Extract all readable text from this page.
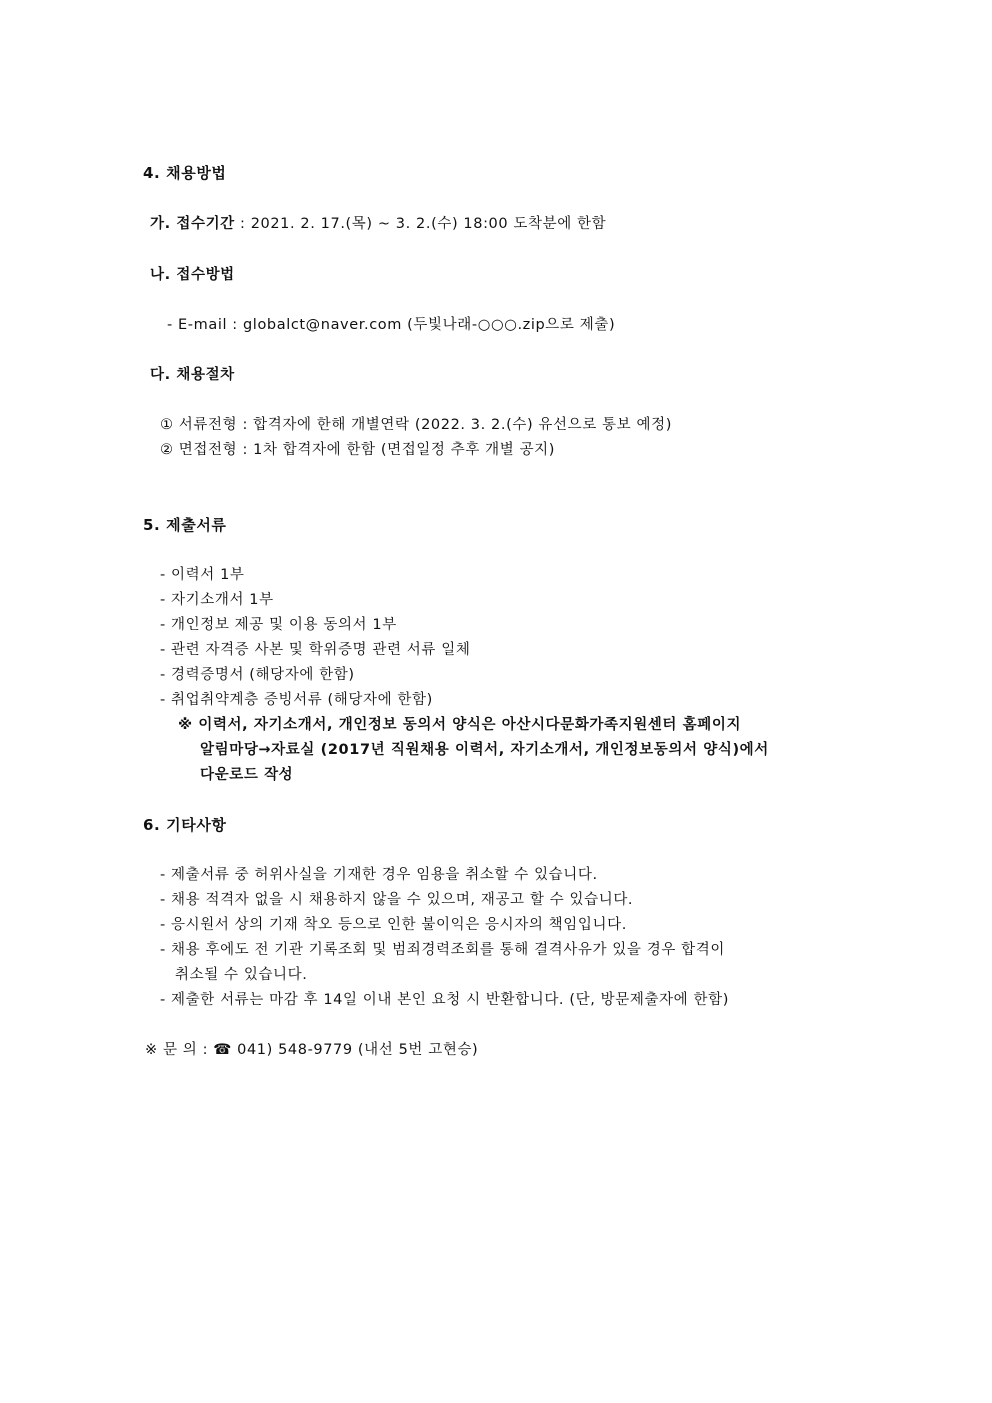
4. 채용방법
가. 접수기간 : 2021. 2. 17.(목) ~ 3. 2.(수) 18:00 도착분에 한함
나. 접수방법
- E-mail : globalct@naver.com (두빛나래-○○○.zip으로 제출)
다. 채용절차
① 서류전형 : 합격자에 한해 개별연락 (2022. 3. 2.(수) 유선으로 통보 예정)
② 면접전형 : 1차 합격자에 한함 (면접일정 추후 개별 공지)
5. 제출서류
- 이력서 1부
- 자기소개서 1부
- 개인정보 제공 및 이용 동의서 1부
- 관련 자격증 사본 및 학위증명 관련 서류 일체
- 경력증명서 (해당자에 한함)
- 취업취약계층 증빙서류 (해당자에 한함)
※ 이력서, 자기소개서, 개인정보 동의서 양식은 아산시다문화가족지원센터 홈페이지
알림마당→자료실 (2017년 직원채용 이력서, 자기소개서, 개인정보동의서 양식)에서
다운로드 작성
6. 기타사항
- 제출서류 중 허위사실을 기재한 경우 임용을 취소할 수 있습니다.
- 채용 적격자 없을 시 채용하지 않을 수 있으며, 재공고 할 수 있습니다.
- 응시원서 상의 기재 착오 등으로 인한 불이익은 응시자의 책임입니다.
- 채용 후에도 전 기관 기록조회 및 범죄경력조회를 통해 결격사유가 있을 경우 합격이
취소될 수 있습니다.
- 제출한 서류는 마감 후 14일 이내 본인 요청 시 반환합니다. (단, 방문제출자에 한함)
※ 문 의 : ☎ 041) 548-9779 (내선 5번 고현승)
